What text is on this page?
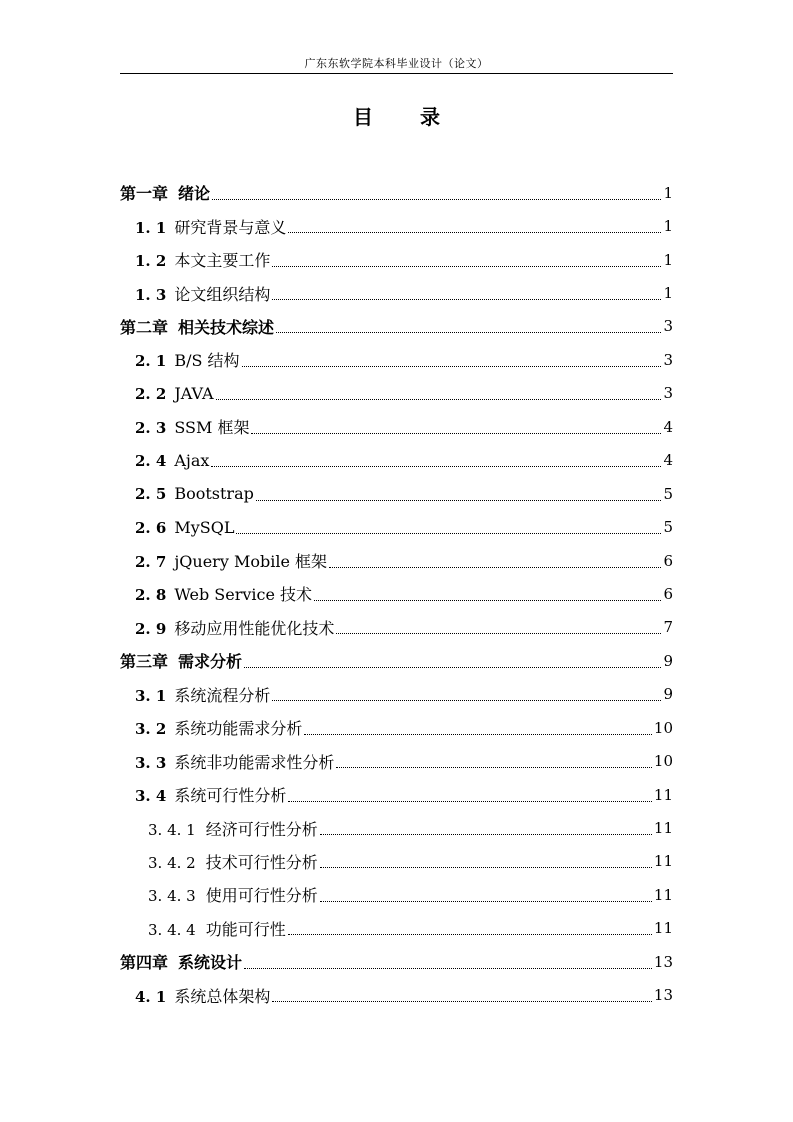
广东东软学院本科毕业设计（论文）
目 录
第一章 绪论	1
1. 1 研究背景与意义	1
1. 2 本文主要工作	1
1. 3 论文组织结构	1
第二章 相关技术综述	3
2. 1 B/S 结构	3
2. 2 JAVA	3
2. 3 SSM 框架	4
2. 4 Ajax	4
2. 5 Bootstrap	5
2. 6 MySQL	5
2. 7 jQuery Mobile 框架	6
2. 8 Web Service 技术	6
2. 9 移动应用性能优化技术	7
第三章 需求分析	9
3. 1 系统流程分析	9
3. 2 系统功能需求分析	10
3. 3 系统非功能需求性分析	10
3. 4 系统可行性分析	11
3. 4. 1 经济可行性分析	11
3. 4. 2 技术可行性分析	11
3. 4. 3 使用可行性分析	11
3. 4. 4 功能可行性	11
第四章 系统设计	13
4. 1 系统总体架构	13
